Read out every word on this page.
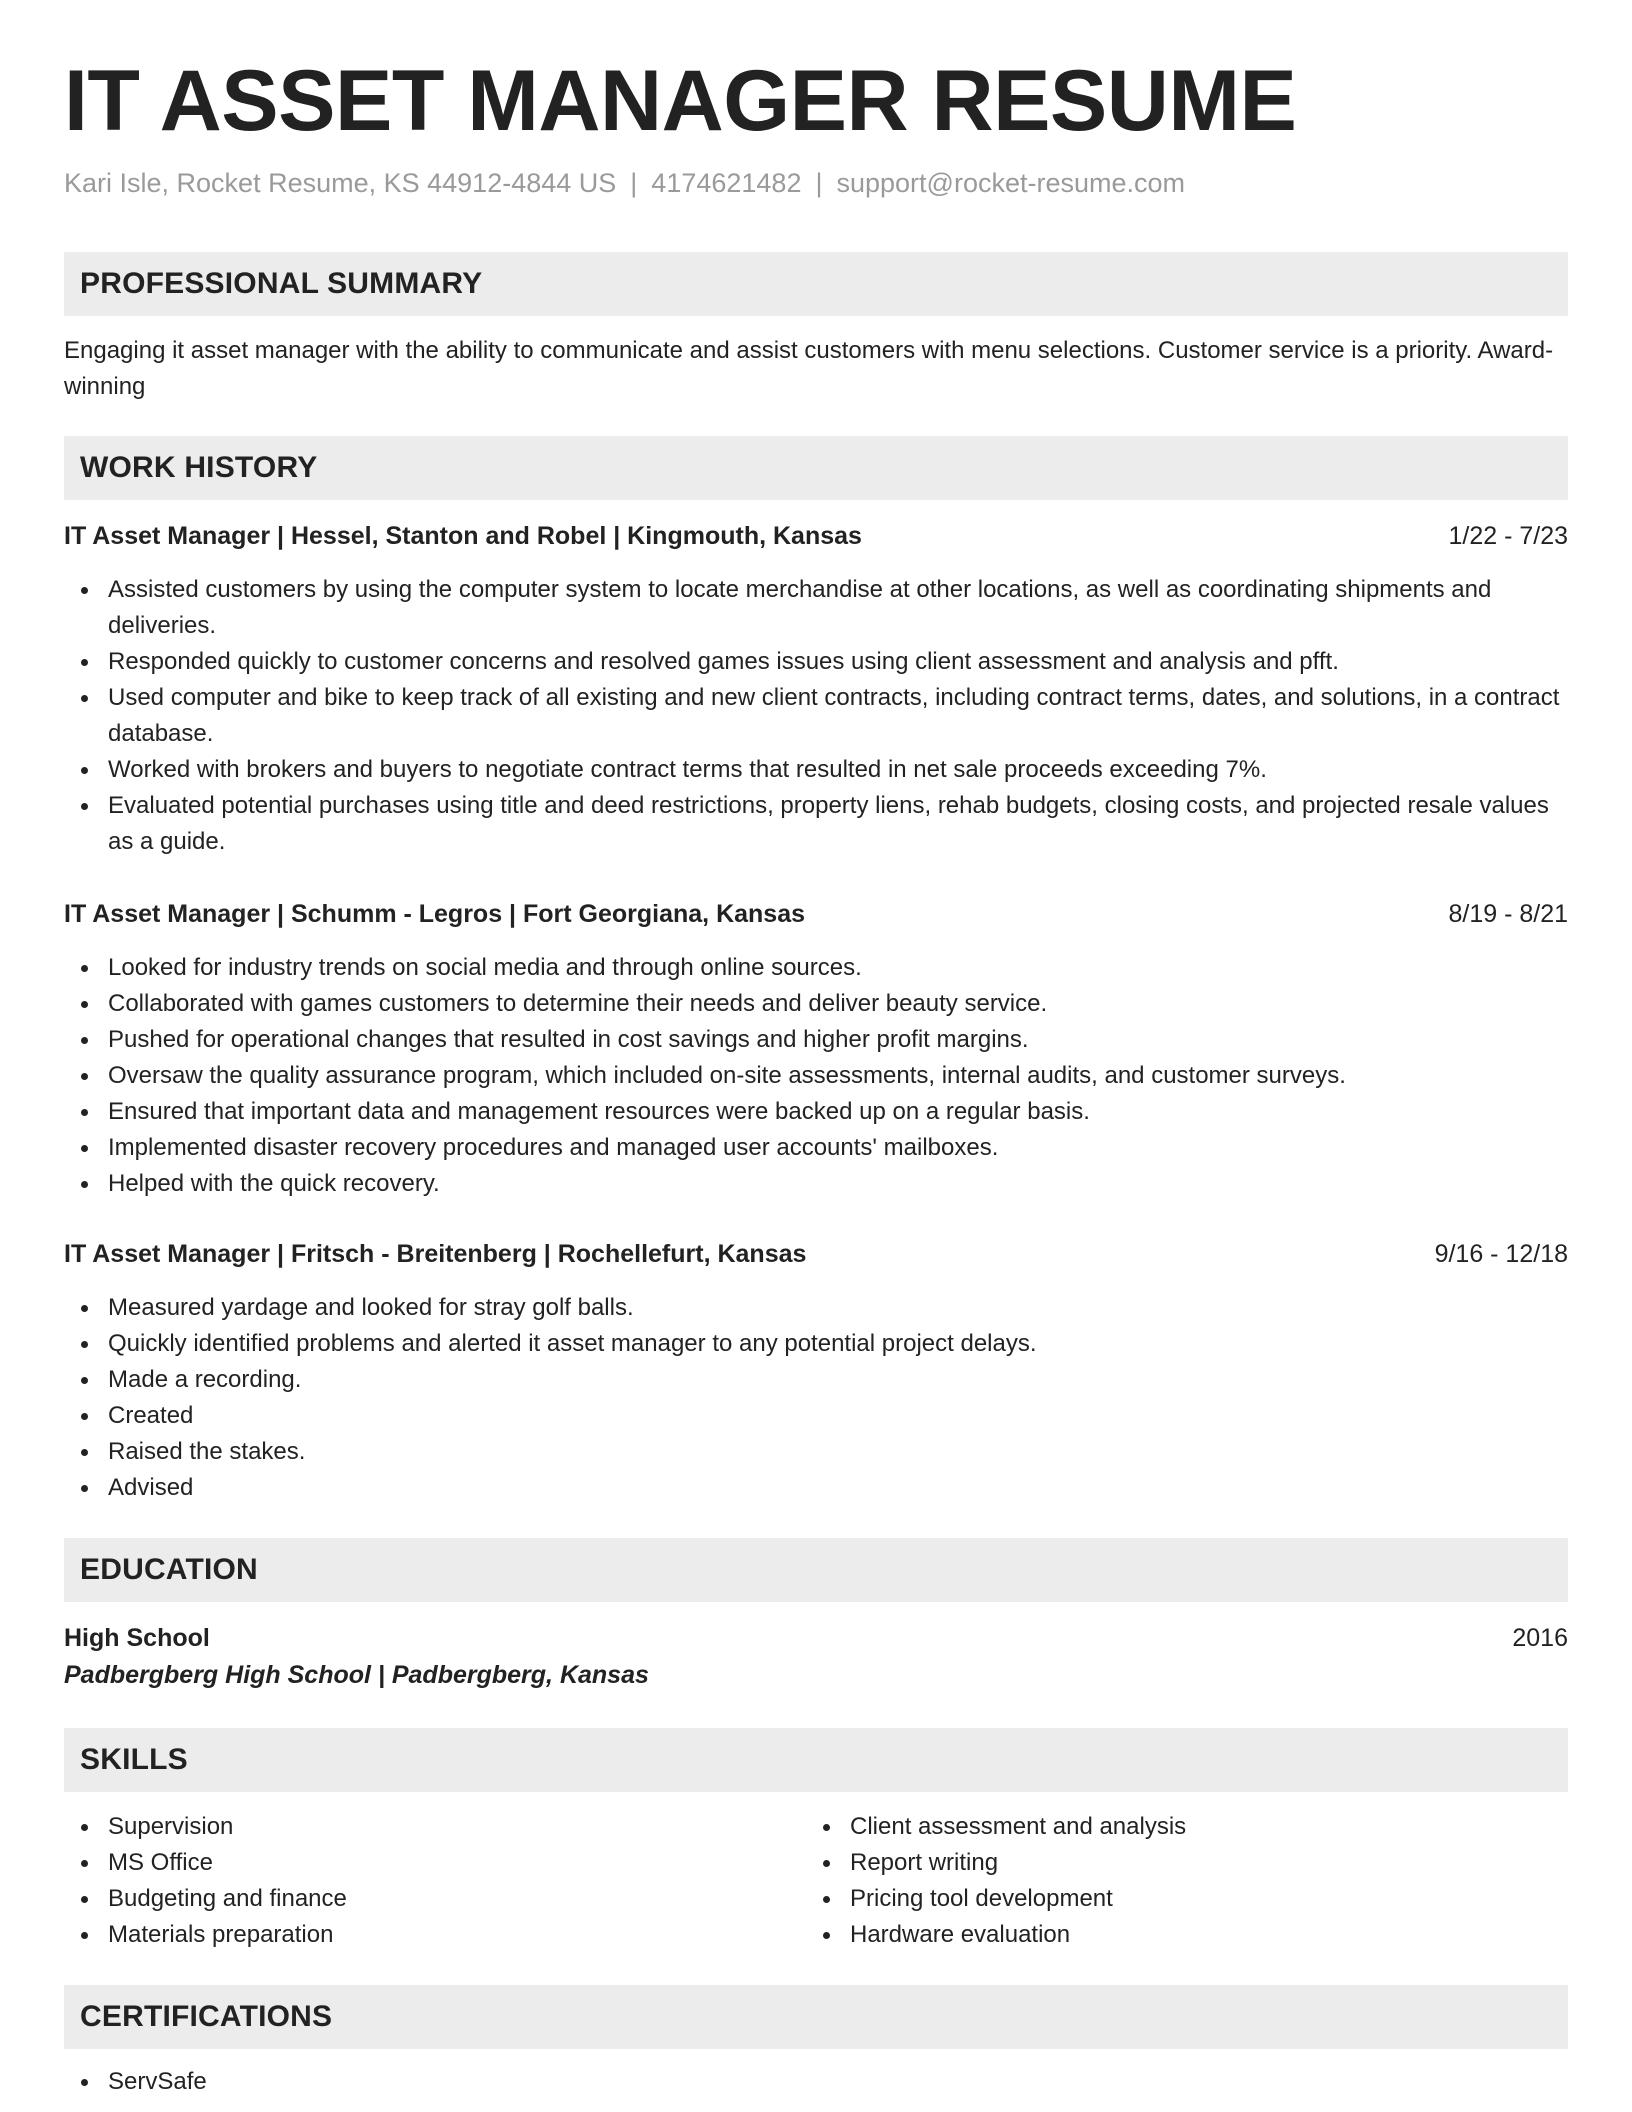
IT ASSET MANAGER RESUME
Kari Isle, Rocket Resume, KS 44912-4844 US | 4174621482 | support@rocket-resume.com
PROFESSIONAL SUMMARY

Engaging it asset manager with the ability to communicate and assist customers with menu selections. Customer service is a priority. Award-winning

WORK HISTORY
IT Asset Manager | Hessel, Stanton and Robel | Kingmouth, Kansas	1/22 - 7/23
Assisted customers by using the computer system to locate merchandise at other locations, as well as coordinating shipments and deliveries.
Responded quickly to customer concerns and resolved games issues using client assessment and analysis and pfft.
Used computer and bike to keep track of all existing and new client contracts, including contract terms, dates, and solutions, in a contract database.
Worked with brokers and buyers to negotiate contract terms that resulted in net sale proceeds exceeding 7%.
Evaluated potential purchases using title and deed restrictions, property liens, rehab budgets, closing costs, and projected resale values as a guide.
IT Asset Manager | Schumm - Legros | Fort Georgiana, Kansas	8/19 - 8/21
Looked for industry trends on social media and through online sources.
Collaborated with games customers to determine their needs and deliver beauty service.
Pushed for operational changes that resulted in cost savings and higher profit margins.
Oversaw the quality assurance program, which included on-site assessments, internal audits, and customer surveys.
Ensured that important data and management resources were backed up on a regular basis.
Implemented disaster recovery procedures and managed user accounts' mailboxes.
Helped with the quick recovery.
IT Asset Manager | Fritsch - Breitenberg | Rochellefurt, Kansas	9/16 - 12/18
Measured yardage and looked for stray golf balls.
Quickly identified problems and alerted it asset manager to any potential project delays.
Made a recording.
Created
Raised the stakes.
Advised
EDUCATION
High School	2016
Padbergberg High School | Padbergberg, Kansas
SKILLS
Supervision
MS Office
Budgeting and finance
Materials preparation
Client assessment and analysis
Report writing
Pricing tool development
Hardware evaluation
CERTIFICATIONS
ServSafe
